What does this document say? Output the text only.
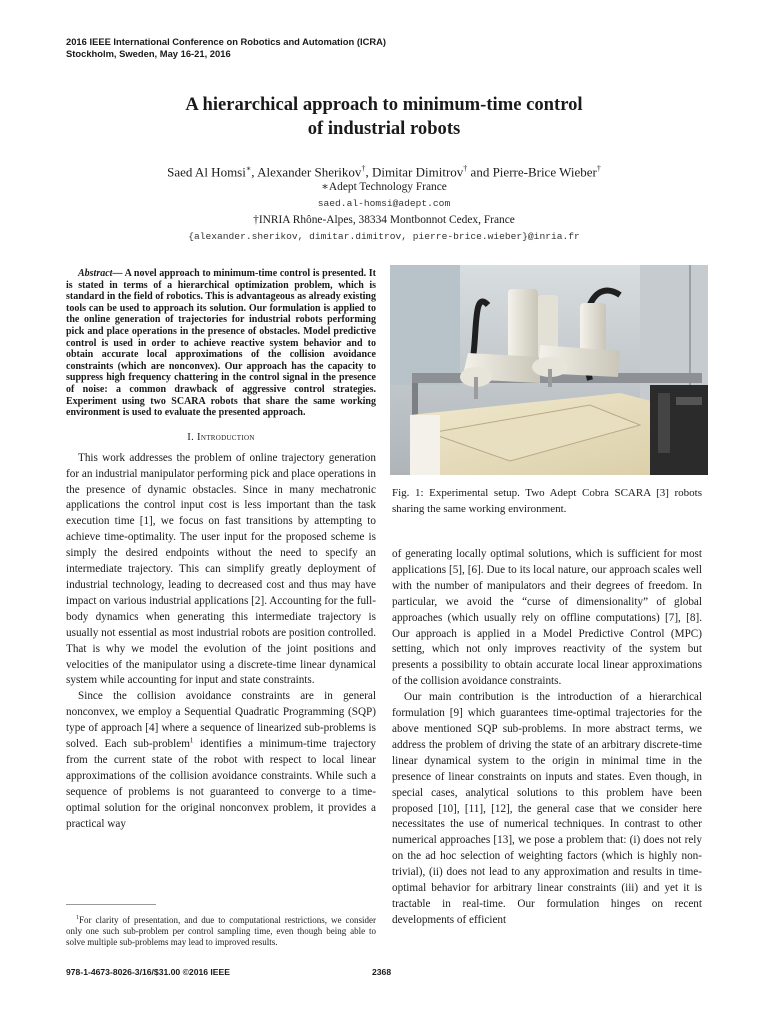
2016 IEEE International Conference on Robotics and Automation (ICRA)
Stockholm, Sweden, May 16-21, 2016
A hierarchical approach to minimum-time control
of industrial robots
Saed Al Homsi∗, Alexander Sherikov†, Dimitar Dimitrov† and Pierre-Brice Wieber†
∗Adept Technology France
saed.al-homsi@adept.com
†INRIA Rhône-Alpes, 38334 Montbonnot Cedex, France
{alexander.sherikov, dimitar.dimitrov, pierre-brice.wieber}@inria.fr

Abstract— A novel approach to minimum-time control is presented. It is stated in terms of a hierarchical optimization problem, which is standard in the field of robotics. This is advantageous as already existing tools can be used to approach its solution. Our formulation is applied to the online generation of trajectories for industrial robots performing pick and place operations in the presence of obstacles. Model predictive control is used in order to achieve reactive system behavior and to obtain accurate local approximations of the collision avoidance constraints (which are nonconvex). Our approach has the capacity to suppress high frequency chattering in the control signal in the presence of noise: a common drawback of aggressive control strategies. Experiment using two SCARA robots that share the same working environment is used to evaluate the presented approach.

I. Introduction

This work addresses the problem of online trajectory generation for an industrial manipulator performing pick and place operations in the presence of dynamic obstacles. Since in many mechatronic applications the control input cost is less important than the task execution time [1], we focus on fast transitions by attempting to achieve time-optimality. The user input for the proposed scheme is simply the desired endpoints without the need to specify an intermediate trajectory. This can simplify greatly deployment of industrial technology, leading to decreased cost and thus may have impact on various industrial applications [2]. Accounting for the full-body dynamics when generating this intermediate trajectory is usually not essential as most industrial robots are position controlled. That is why we model the evolution of the joint positions and velocities of the manipulator using a discrete-time linear dynamical system while accounting for input and state constraints.

Since the collision avoidance constraints are in general nonconvex, we employ a Sequential Quadratic Programming (SQP) type of approach [4] where a sequence of linearized sub-problems is solved. Each sub-problem$^1$ identifies a minimum-time trajectory from the current state of the robot with respect to local linear approximations of the collision avoidance constraints. While such a sequence of problems is not guaranteed to converge to a time-optimal solution for the original nonconvex problem, it provides a practical way

$^1$For clarity of presentation, and due to computational restrictions, we consider only one such sub-problem per control sampling time, even though being able to solve multiple sub-problems may lead to improved results.

Fig. 1: Experimental setup. Two Adept Cobra SCARA [3] robots sharing the same working environment.

of generating locally optimal solutions, which is sufficient for most applications [5], [6]. Due to its local nature, our approach scales well with the number of manipulators and their degrees of freedom. In particular, we avoid the “curse of dimensionality” of global approaches (which usually rely on offline computations) [7], [8]. Our approach is applied in a Model Predictive Control (MPC) setting, which not only improves reactivity of the system but presents a possibility to obtain accurate local linear approximations of the collision avoidance constraints.

Our main contribution is the introduction of a hierarchical formulation [9] which guarantees time-optimal trajectories for the above mentioned SQP sub-problems. In more abstract terms, we address the problem of driving the state of an arbitrary discrete-time linear dynamical system to the origin in minimal time in the presence of linear constraints on inputs and states. Even though, in special cases, analytical solutions to this problem have been proposed [10], [11], [12], the general case that we consider here necessitates the use of numerical techniques. In contrast to other numerical approaches [13], we pose a problem that: (i) does not rely on the ad hoc selection of weighting factors (which is highly non-trivial), (ii) does not lead to any approximation and results in time-optimal behavior for arbitrary linear constraints (iii) and yet it is tractable in real-time. Our formulation hinges on recent developments of efficient

978-1-4673-8026-3/16/$31.00 ©2016 IEEE	2368
